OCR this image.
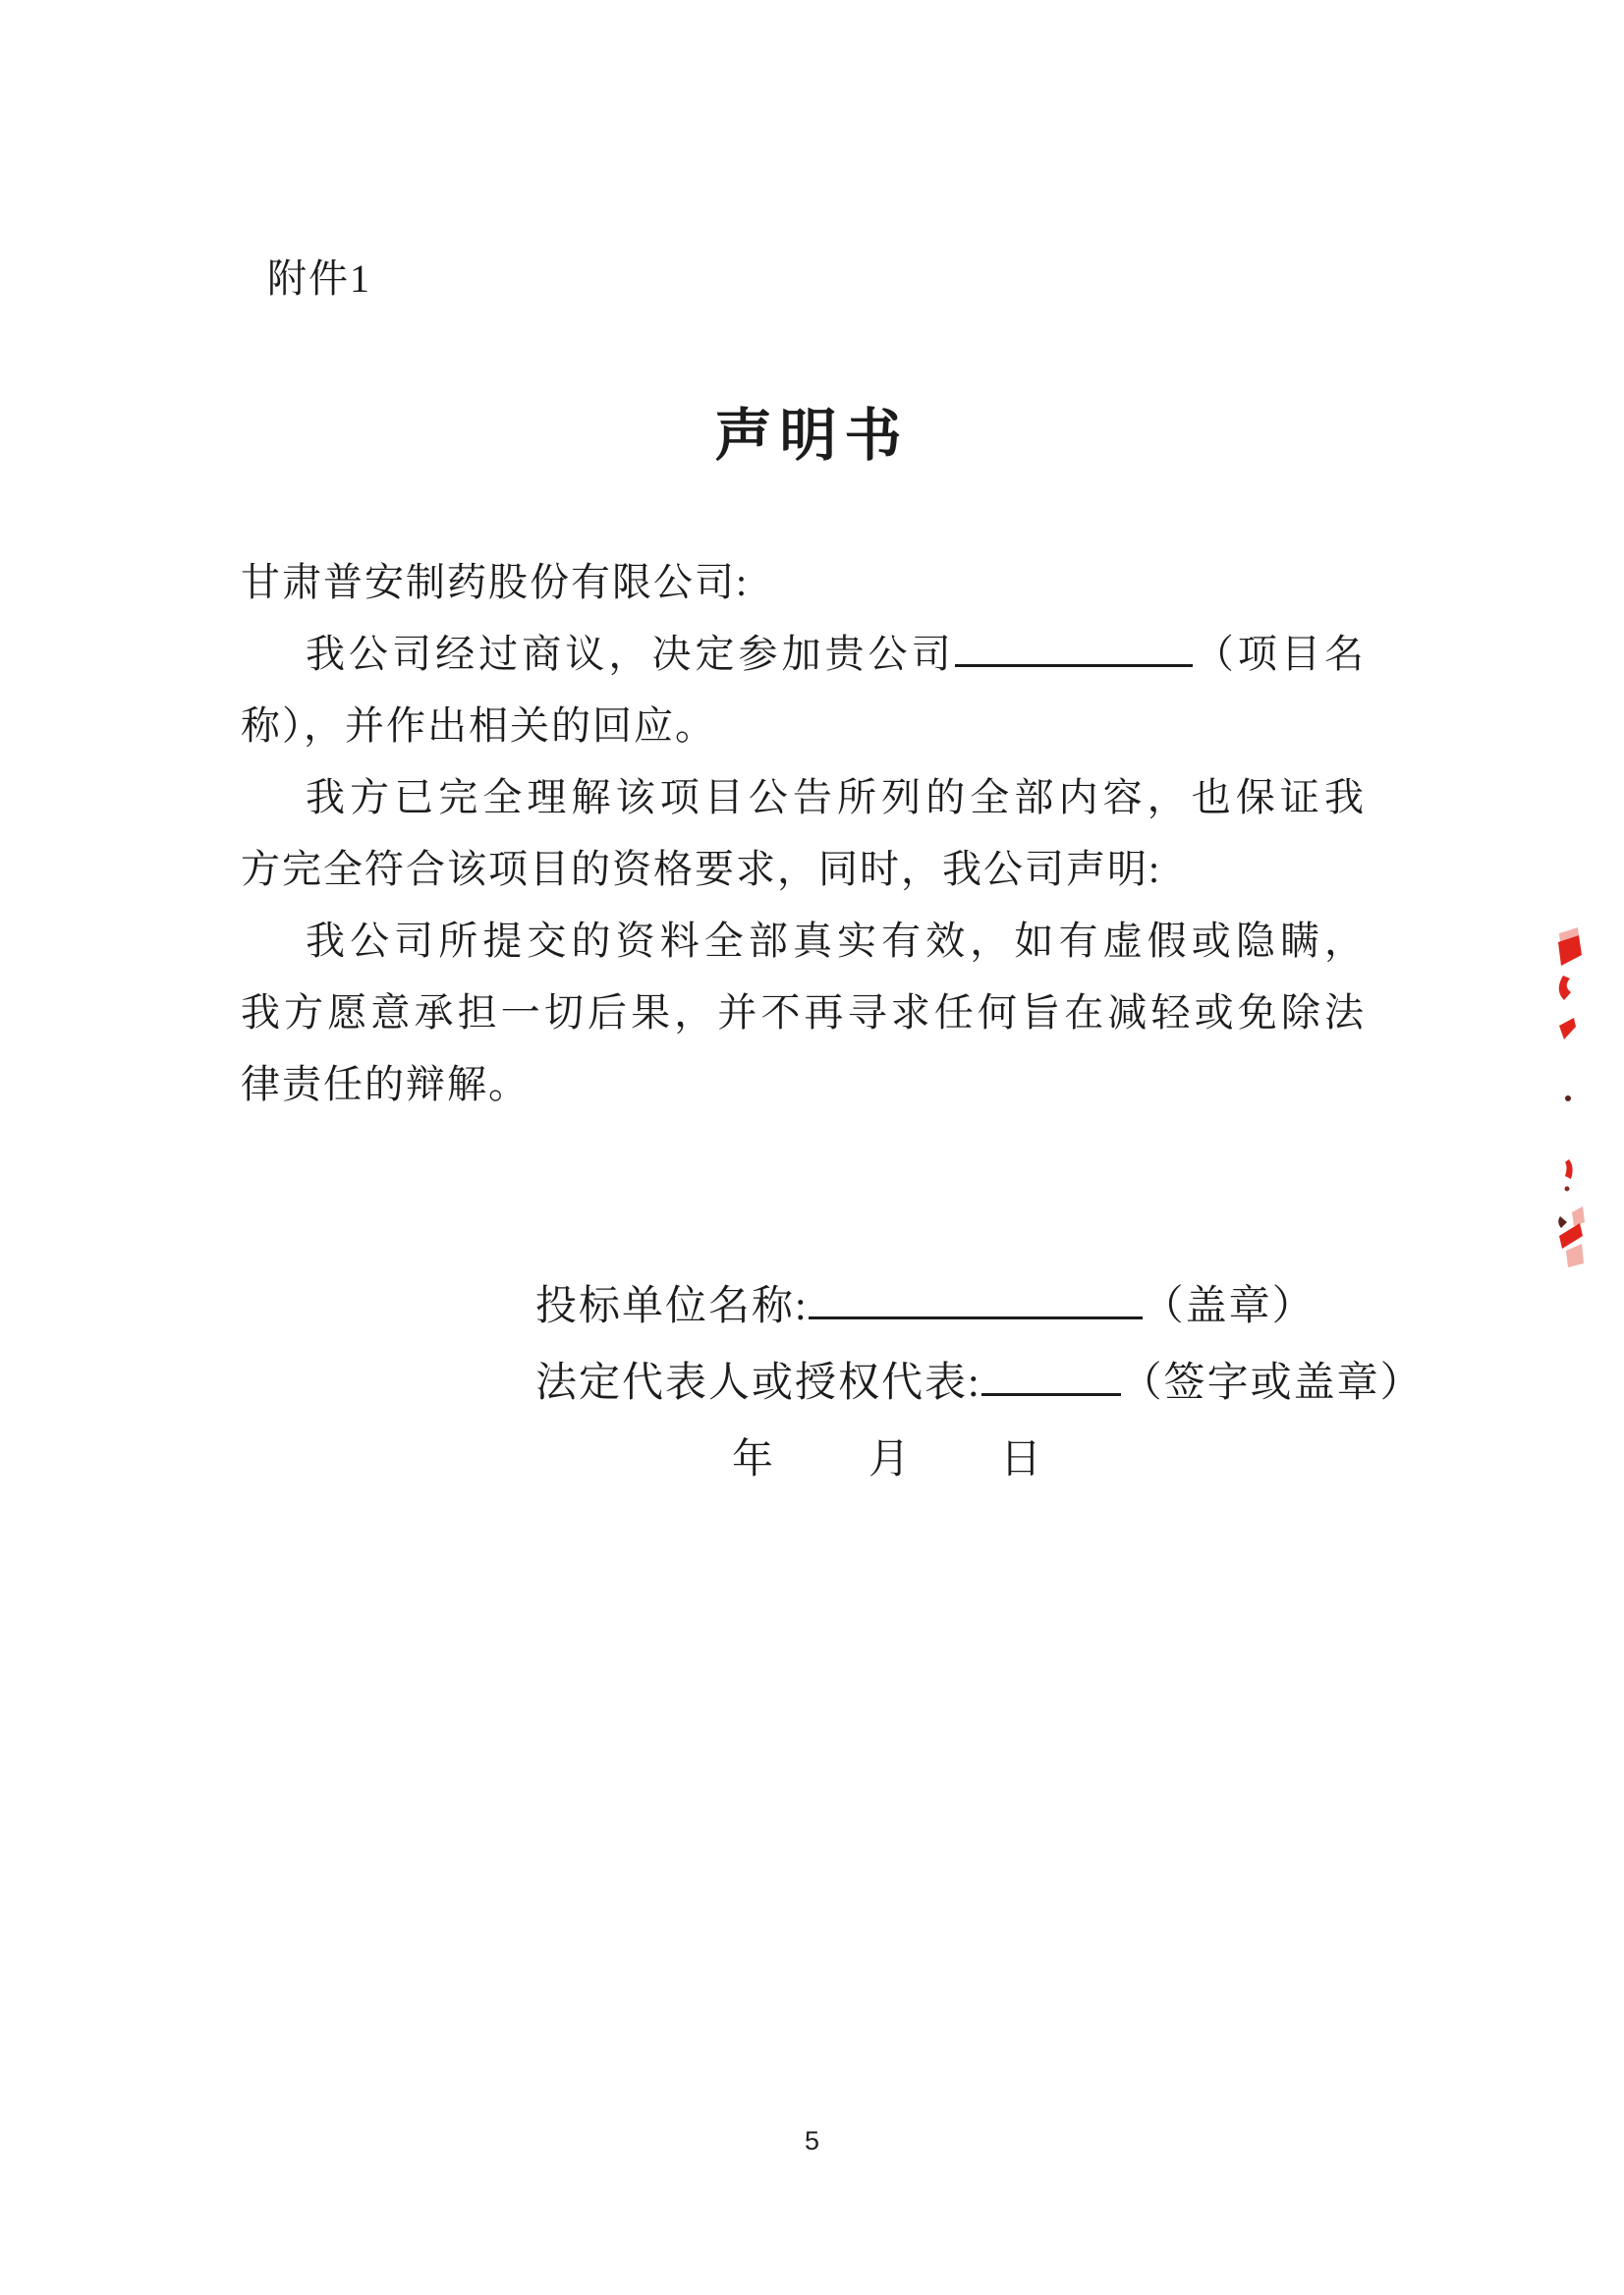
附件1
声明书
甘肃普安制药股份有限公司:
我公司经过商议，决定参加贵公司	（项目名
称），并作出相关的回应。
我方已完全理解该项目公告所列的全部内容，也保证我
方完全符合该项目的资格要求，同时，我公司声明:
我公司所提交的资料全部真实有效，如有虚假或隐瞒，
我方愿意承担一切后果，并不再寻求任何旨在减轻或免除法
律责任的辩解。
投标单位名称:	（盖章）
法定代表人或授权代表:	（签字或盖章）
年 月 日
5
